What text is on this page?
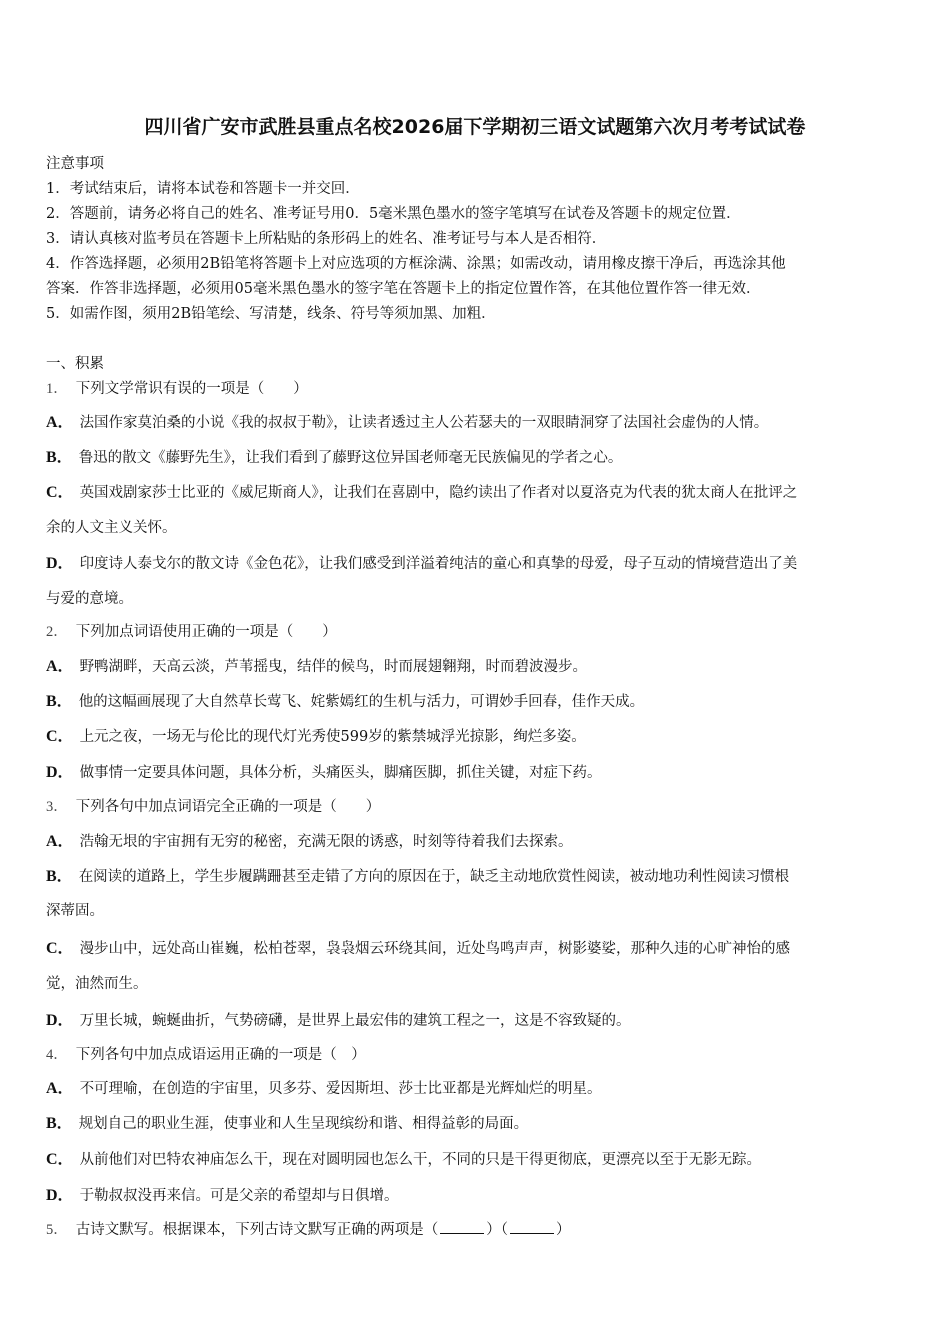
四川省广安市武胜县重点名校2026届下学期初三语文试题第六次月考考试试卷
注意事项
1．考试结束后，请将本试卷和答题卡一并交回．
2．答题前，请务必将自己的姓名、准考证号用0．5毫米黑色墨水的签字笔填写在试卷及答题卡的规定位置．
3．请认真核对监考员在答题卡上所粘贴的条形码上的姓名、准考证号与本人是否相符．
4．作答选择题，必须用2B铅笔将答题卡上对应选项的方框涂满、涂黑；如需改动，请用橡皮擦干净后，再选涂其他
答案．作答非选择题，必须用05毫米黑色墨水的签字笔在答题卡上的指定位置作答，在其他位置作答一律无效．
5．如需作图，须用2B铅笔绘、写清楚，线条、符号等须加黑、加粗．
一、积累
1． 下列文学常识有误的一项是（　　）
A． 法国作家莫泊桑的小说《我的叔叔于勒》，让读者透过主人公若瑟夫的一双眼睛洞穿了法国社会虚伪的人情。
B． 鲁迅的散文《藤野先生》，让我们看到了藤野这位异国老师毫无民族偏见的学者之心。
C． 英国戏剧家莎士比亚的《威尼斯商人》，让我们在喜剧中，隐约读出了作者对以夏洛克为代表的犹太商人在批评之
余的人文主义关怀。
D． 印度诗人泰戈尔的散文诗《金色花》，让我们感受到洋溢着纯洁的童心和真挚的母爱，母子互动的情境营造出了美
与爱的意境。
2． 下列加点词语使用正确的一项是（　　）
A． 野鸭湖畔，天高云淡，芦苇摇曳，结伴的候鸟，时而展翅翱翔，时而碧波漫步。
B． 他的这幅画展现了大自然草长莺飞、姹紫嫣红的生机与活力，可谓妙手回春，佳作天成。
C． 上元之夜，一场无与伦比的现代灯光秀使599岁的紫禁城浮光掠影，绚烂多姿。
D． 做事情一定要具体问题，具体分析，头痛医头，脚痛医脚，抓住关键，对症下药。
3． 下列各句中加点词语完全正确的一项是（　　）
A． 浩翰无垠的宇宙拥有无穷的秘密，充满无限的诱惑，时刻等待着我们去探索。
B． 在阅读的道路上，学生步履蹒跚甚至走错了方向的原因在于，缺乏主动地欣赏性阅读，被动地功利性阅读习惯根
深蒂固。
C． 漫步山中，远处高山崔巍，松柏苍翠，袅袅烟云环绕其间，近处鸟鸣声声，树影婆娑，那种久违的心旷神怡的感
觉，油然而生。
D． 万里长城，蜿蜒曲折，气势磅礴，是世界上最宏伟的建筑工程之一，这是不容致疑的。
4． 下列各句中加点成语运用正确的一项是（　）
A． 不可理喻，在创造的宇宙里，贝多芬、爱因斯坦、莎士比亚都是光辉灿烂的明星。
B． 规划自己的职业生涯，使事业和人生呈现缤纷和谐、相得益彰的局面。
C． 从前他们对巴特农神庙怎么干，现在对圆明园也怎么干，不同的只是干得更彻底，更漂亮以至于无影无踪。
D． 于勒叔叔没再来信。可是父亲的希望却与日俱增。
5． 古诗文默写。根据课本，下列古诗文默写正确的两项是（	）（	）
